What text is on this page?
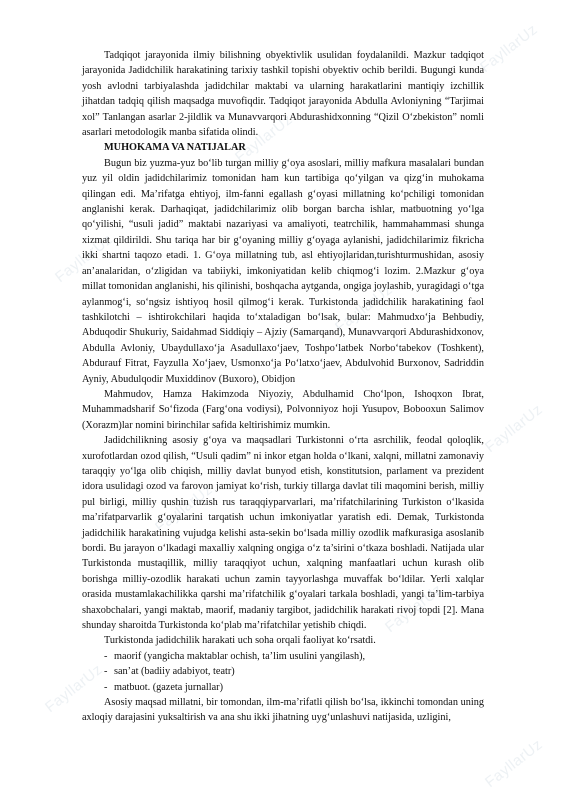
FayllarUz
FayllarUz
FayllarUz
FayllarUz
FayllarUz
FayllarUz
FayllarUz
FayllarUz
FayllarUz

Tadqiqot jarayonida ilmiy bilishning obyektivlik usulidan foydalanildi. Mazkur tadqiqot jarayonida Jadidchilik harakatining tarixiy tashkil topishi obyektiv ochib berildi. Bugungi kunda yosh avlodni tarbiyalashda jadidchilar maktabi va ularning harakatlarini mantiqiy izchillik jihatdan tadqiq qilish maqsadga muvofiqdir. Tadqiqot jarayonida Abdulla Avloniyning “Tarjimai xol” Tanlangan asarlar 2-jildlik va Munavvarqori Abdurashidxonning “Qizil O‘zbekiston” nomli asarlari metodologik manba sifatida olindi.

MUHOKAMA VA NATIJALAR

Bugun biz yuzma-yuz bo‘lib turgan milliy g‘oya asoslari, milliy mafkura masalalari bundan yuz yil oldin jadidchilarimiz tomonidan ham kun tartibiga qo‘yilgan va qizg‘in muhokama qilingan edi. Ma’rifatga ehtiyoj, ilm-fanni egallash g‘oyasi millatning ko‘pchiligi tomonidan anglanishi kerak. Darhaqiqat, jadidchilarimiz olib borgan barcha ishlar, matbuotning yo‘lga qo‘yilishi, “usuli jadid” maktabi nazariyasi va amaliyoti, teatrchilik, hammahammasi shunga xizmat qildirildi. Shu tariqa har bir g‘oyaning milliy g‘oyaga aylanishi, jadidchilarimiz fikricha ikki shartni taqozo etadi. 1. G‘oya millatning tub, asl ehtiyojlaridan,turishturmushidan, asosiy an’analaridan, o‘zligidan va tabiiyki, imkoniyatidan kelib chiqmog‘i lozim. 2.Mazkur g‘oya millat tomonidan anglanishi, his qilinishi, boshqacha aytganda, ongiga joylashib, yuragidagi o‘tga aylanmog‘i, so‘ngsiz ishtiyoq hosil qilmog‘i kerak. Turkistonda jadidchilik harakatining faol tashkilotchi – ishtirokchilari haqida to‘xtaladigan bo‘lsak, bular: Mahmudxo‘ja Behbudiy, Abduqodir Shukuriy, Saidahmad Siddiqiy – Ajziy (Samarqand), Munavvarqori Abdurashidxonov, Abdulla Avloniy, Ubaydullaxo‘ja Asadullaxo‘jaev, Toshpo‘latbek Norbo‘tabekov (Toshkent), Abdurauf Fitrat, Fayzulla Xo‘jaev, Usmonxo‘ja Po‘latxo‘jaev, Abdulvohid Burxonov, Sadriddin Ayniy, Abudulqodir Muxiddinov (Buxoro), Obidjon

Mahmudov, Hamza Hakimzoda Niyoziy, Abdulhamid Cho‘lpon, Ishoqxon Ibrat, Muhammadsharif So‘fizoda (Farg‘ona vodiysi), Polvonniyoz hoji Yusupov, Bobooxun Salimov (Xorazm)lar nomini birinchilar safida keltirishimiz mumkin.

Jadidchilikning asosiy g‘oya va maqsadlari Turkistonni o‘rta asrchilik, feodal qoloqlik, xurofotlardan ozod qilish, “Usuli qadim” ni inkor etgan holda o‘lkani, xalqni, millatni zamonaviy taraqqiy yo‘lga olib chiqish, milliy davlat bunyod etish, konstitutsion, parlament va prezident idora usulidagi ozod va farovon jamiyat ko‘rish, turkiy tillarga davlat tili maqomini berish, milliy pul birligi, milliy qushin tuzish rus taraqqiyparvarlari, ma’rifatchilarining Turkiston o‘lkasida ma’rifatparvarlik g‘oyalarini tarqatish uchun imkoniyatlar yaratish edi. Demak, Turkistonda jadidchilik harakatining vujudga kelishi asta-sekin bo‘lsada milliy ozodlik mafkurasiga asoslanib bordi. Bu jarayon o‘lkadagi maxalliy xalqning ongiga o‘z ta’sirini o‘tkaza boshladi. Natijada ular Turkistonda mustaqillik, milliy taraqqiyot uchun, xalqning manfaatlari uchun kurash olib borishga milliy-ozodlik harakati uchun zamin tayyorlashga muvaffak bo‘ldilar. Yerli xalqlar orasida mustamlakachilikka qarshi ma’rifatchilik g‘oyalari tarkala boshladi, yangi ta’lim-tarbiya shaxobchalari, yangi maktab, maorif, madaniy targibot, jadidchilik harakati rivoj topdi [2]. Mana shunday sharoitda Turkistonda ko‘plab ma’rifatchilar yetishib chiqdi.

Turkistonda jadidchilik harakati uch soha orqali faoliyat ko‘rsatdi.

- maorif (yangicha maktablar ochish, ta’lim usulini yangilash),
- san’at (badiiy adabiyot, teatr)
- matbuot. (gazeta jurnallar)

Asosiy maqsad millatni, bir tomondan, ilm-ma’rifatli qilish bo‘lsa, ikkinchi tomondan uning axloqiy darajasini yuksaltirish va ana shu ikki jihatning uyg‘unlashuvi natijasida, uzligini,
